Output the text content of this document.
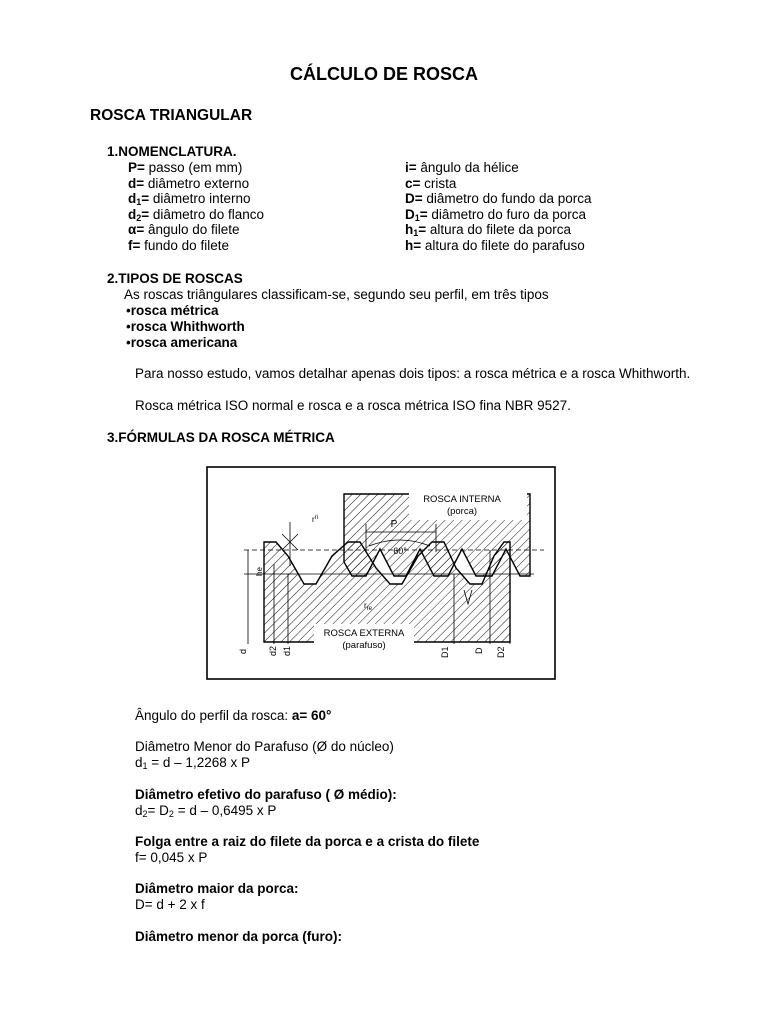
CÁLCULO DE ROSCA
ROSCA TRIANGULAR
1.NOMENCLATURA.
P= passo (em mm)
d= diâmetro externo
$d_1=$ diâmetro interno
$d_2=$ diâmetro do flanco
α= ângulo do filete
f= fundo do filete
i= ângulo da hélice
c= crista
D= diâmetro do fundo da porca
$D_1=$ diâmetro do furo da porca
$h_1=$ altura do filete da porca
h= altura do filete do parafuso
2.TIPOS DE ROSCAS
As roscas triângulares classificam-se, segundo seu perfil, em três tipos
•rosca métrica
•rosca Whithworth
•rosca americana
Para nosso estudo, vamos detalhar apenas dois tipos: a rosca métrica e a rosca Whithworth.
Rosca métrica ISO normal e rosca e a rosca métrica ISO fina NBR 9527.
3.FÓRMULAS DA ROSCA MÉTRICA
ROSCA INTERNA
(porca)
ROSCA EXTERNA
(parafuso)
P
60°
$r^{ri}$
$r_{re}$
he
d d2 d1	D1	D D2
Ângulo do perfil da rosca: a= 60°
Diâmetro Menor do Parafuso (Ø do núcleo)
$d_1 = d - 1,2268$ x P
Diâmetro efetivo do parafuso ( Ø médio):
$d_2= D_2 = d - 0,6495$ x P
Folga entre a raiz do filete da porca e a crista do filete
f= 0,045 x P
Diâmetro maior da porca:
D= d + 2 x f
Diâmetro menor da porca (furo):
